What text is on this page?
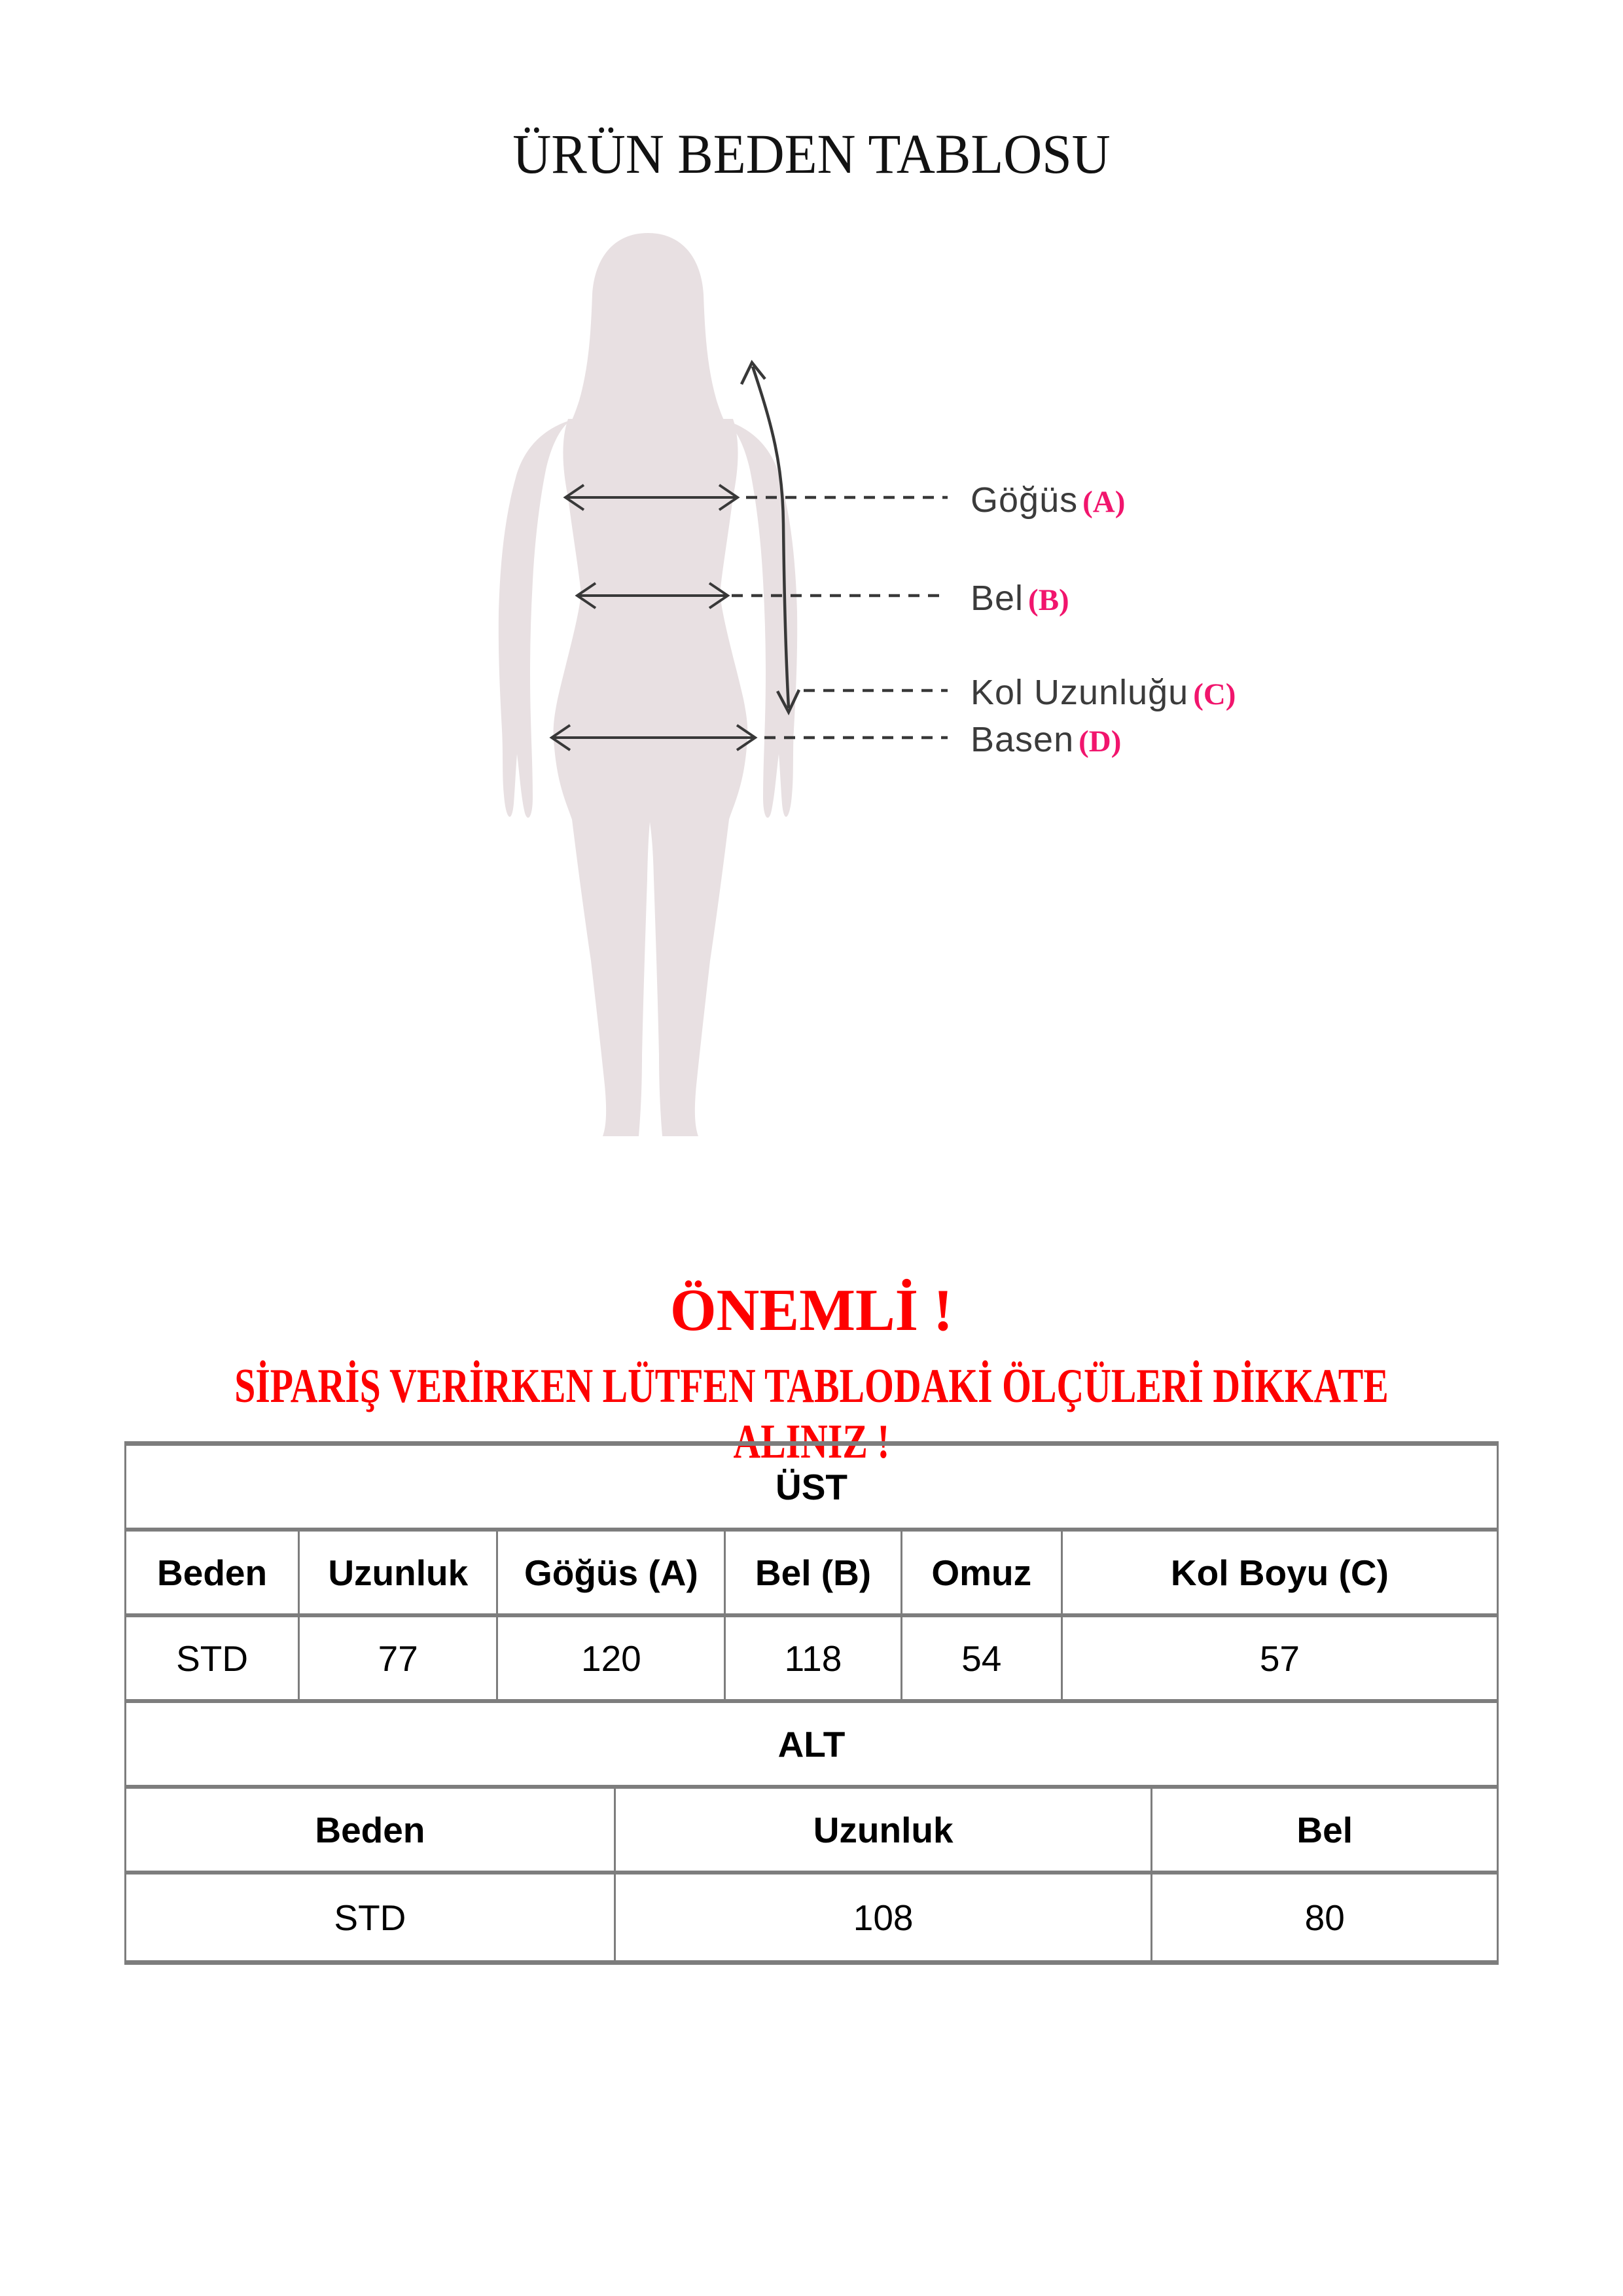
ÜRÜN BEDEN TABLOSU
Göğüs (A)
Bel (B)
Kol Uzunluğu (C)
Basen (D)
ÖNEMLİ !
SİPARİŞ VERİRKEN LÜTFEN TABLODAKİ ÖLÇÜLERİ DİKKATE ALINIZ !
ÜST
Beden	Uzunluk	Göğüs (A)	Bel (B)	Omuz	Kol Boyu (C)
STD	77	120	118	54	57
ALT
Beden	Uzunluk	Bel
STD	108	80
